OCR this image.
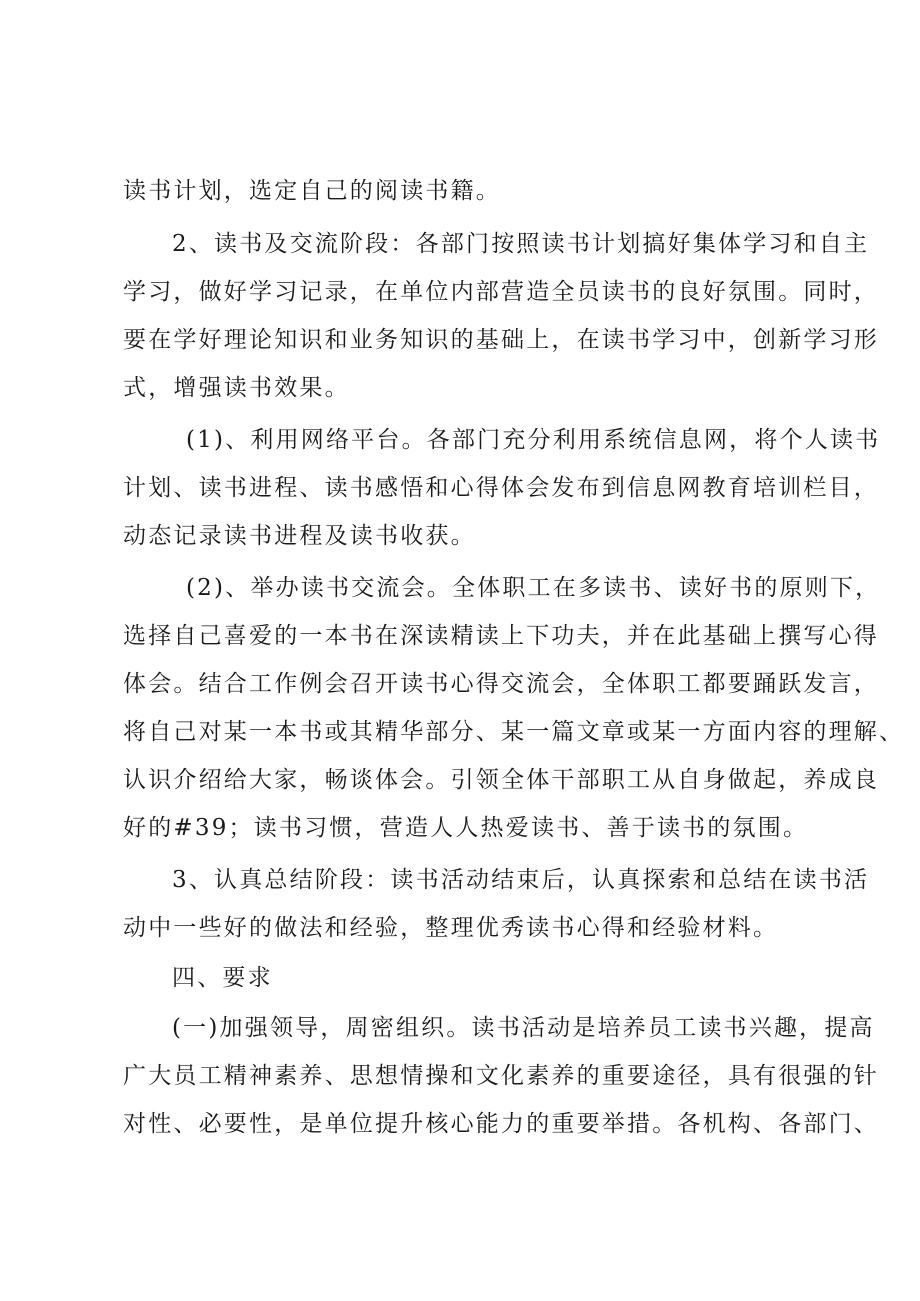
读书计划，选定自己的阅读书籍。
2、读书及交流阶段：各部门按照读书计划搞好集体学习和自主
学习，做好学习记录，在单位内部营造全员读书的良好氛围。同时，
要在学好理论知识和业务知识的基础上，在读书学习中，创新学习形
式，增强读书效果。
(1)、利用网络平台。各部门充分利用系统信息网，将个人读书
计划、读书进程、读书感悟和心得体会发布到信息网教育培训栏目，
动态记录读书进程及读书收获。
(2)、举办读书交流会。全体职工在多读书、读好书的原则下，
选择自己喜爱的一本书在深读精读上下功夫，并在此基础上撰写心得
体会。结合工作例会召开读书心得交流会，全体职工都要踊跃发言，
将自己对某一本书或其精华部分、某一篇文章或某一方面内容的理解、
认识介绍给大家，畅谈体会。引领全体干部职工从自身做起，养成良
好的#39；读书习惯，营造人人热爱读书、善于读书的氛围。
3、认真总结阶段：读书活动结束后，认真探索和总结在读书活
动中一些好的做法和经验，整理优秀读书心得和经验材料。
四、要求
(一)加强领导，周密组织。读书活动是培养员工读书兴趣，提高
广大员工精神素养、思想情操和文化素养的重要途径，具有很强的针
对性、必要性，是单位提升核心能力的重要举措。各机构、各部门、
